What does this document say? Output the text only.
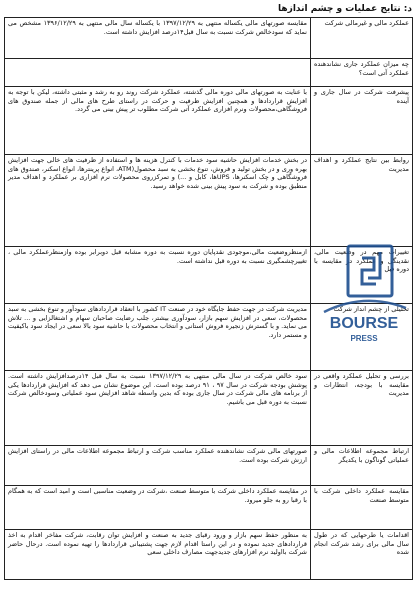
د: نتایج عملیات و چشم اندازها
عملکرد مالی و غیرمالی شرکت	مقایسه صورتهای مالی یکساله منتهی به ۱۳۹۷/۱۲/۲۹ با یکساله سال مالی منتهی به ۱۳۹۶/۱۲/۲۹ مشخص می نماید که سودخالص شرکت نسبت به سال قبل۱۴درصد افزایش داشته است.
چه میزان عملکرد جاری نشاندهنده عملکرد آتی است؟	
پیشرفت شرکت در سال جاری و آینده	با عنایت به صورتهای مالی دوره مالی گذشته، عملکرد شرکت روند رو به رشد و مثبتی داشته، لیکن با توجه به افزایش قراردادها و همچنین افزایش ظرفیت و حرکت در راستای طرح های مالی از جمله صندوق های فروشگاهی،محصولات ونرم افزاری عملکرد آتی شرکت مطلوب تر پیش بینی می گردد.
روابط بین نتایج عملکرد و اهداف مدیریت	در بخش خدمات افزایش حاشیه سود خدمات با کنترل هزینه ها و استفاده از ظرفیت های خالی جهت افزایش بهره وری و در بخش تولید و فروش، تنوع بخشی به سبد محصول(ATM، انواع پرینترها، انواع اسکنر، صندوق های فروشگاهی و چک اسکنرها، UPSها، کابل و ...) و تمرکزروی محصولات نرم افزاری بر عملکرد و اهداف مدیر منطبق بوده و شرکت به سود پیش بینی شده خواهد رسید.
تغییرات مهم در وضعیت مالی، نقدینگی و عملکرد در مقایسه با دوره قبل	ازمنظروضعیت مالی،موجودی نقدپایان دوره نسبت به دوره مشابه قبل دوبرابر بوده وازمنظرعملکرد مالی ، تغییرچشمگیری نسبت به دوره قبل نداشته است.
تحلیلی از چشم انداز شرکت	مدیریت شرکت در جهت حفظ جایگاه خود در صنعت IT کشور با انعقاد قراردادهای سودآور و تنوع بخشی به سبد محصولات، سعی در افزایش سهم بازار، سودآوری بیشتر، جلب رضایت صاحبان سهام و اشتغالزایی و ... تلاش می نماید. و با گسترش زنجیره فروش استانی و انتخاب محصولات با حاشیه سود بالا سعی در ایجاد سود باکیفیت و مستمر دارد.
بررسی و تحلیل عملکرد واقعی در مقایسه با بودجه، انتظارات و مدیریت	سود خالص شرکت در سال مالی منتهی به ۱۳۹۷/۱۲/۲۹ نسبت به سال قبل ۱۴درصدافزایش داشته است. پوشش بودجه شرکت در سال ۹۷ ، ۹۱ درصد بوده است. این موضوع نشان می دهد که افزایش قراردادها یکی از برنامه های مالی شرکت در سال جاری بوده که بدین واسطه شاهد افزایش سود عملیاتی وسودخالص شرکت نسبت به دوره قبل می باشیم.
ارتباط مجموعه اطلاعات مالی و عملیاتی گوناگون با یکدیگر	صورتهای مالی شرکت نشاندهنده عملکرد مناسب شرکت و ارتباط مجموعه اطلاعات مالی در راستای افزایش ارزش شرکت بوده است.
مقایسه عملکرد داخلی شرکت با متوسط صنعت	در مقایسه عملکرد داخلی شرکت با متوسط صنعت ،شرکت در وضعیت مناسبی است و امید است که به همگام با رقبا رو به جلو میرود.
اقدامات یا طرحهایی که در طول سال مالی برای رشد شرکت انجام شده	به منظور حفظ سهم بازار و ورود رقبای جدید به صنعت و افزایش توان رقابت، شرکت مفاخر اقدام به اخذ قراردادهای جدید نموده و در این راستا اقدام لازم جهت پشتیبانی قراردادها را تهیه نموده است. درحال حاضر شرکت بااولید نرم افزارهای جدیدجهت مصارف داخلی سعی
BOURSE
PRESS
